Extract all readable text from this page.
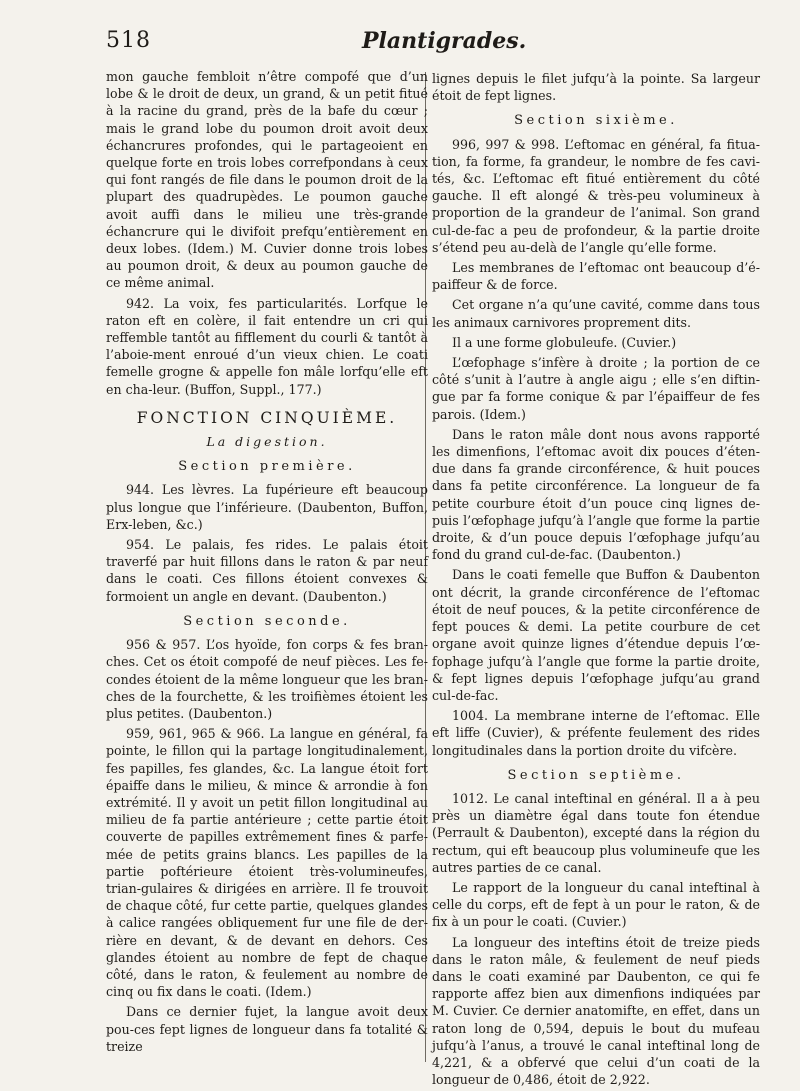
518	Plantigrades.

mon gauche fembloit n’être compofé que d’un lobe & le droit de deux, un grand, & un petit fitué à la racine du grand, près de la bafe du cœur ; mais le grand lobe du poumon droit avoit deux échancrures profondes, qui le partageoient en quelque forte en trois lobes correfpondans à ceux qui font rangés de file dans le poumon droit de la plupart des quadrupèdes. Le poumon gauche avoit auffi dans le milieu une très-grande échancrure qui le divifoit prefqu’entièrement en deux lobes. (Idem.) M. Cuvier donne trois lobes au poumon droit, & deux au poumon gauche de ce même animal.

942. La voix, fes particularités. Lorfque le raton eft en colère, il fait entendre un cri qui reffemble tantôt au fifflement du courli & tantôt à l’aboie-ment enroué d’un vieux chien. Le coati femelle grogne & appelle fon mâle lorfqu’elle eft en cha-leur. (Buffon, Suppl., 177.)

FONCTION CINQUIÈME.
La digestion.
Section première.

944. Les lèvres. La fupérieure eft beaucoup plus longue que l’inférieure. (Daubenton, Buffon, Erx-leben, &c.)

954. Le palais, fes rides. Le palais étoit traverfé par huit fillons dans le raton & par neuf dans le coati. Ces fillons étoient convexes & formoient un angle en devant. (Daubenton.)

Section seconde.

956 & 957. L’os hyoïde, fon corps & fes bran-ches. Cet os étoit compofé de neuf pièces. Les fe-condes étoient de la même longueur que les bran-ches de la fourchette, & les troifièmes étoient les plus petites. (Daubenton.)

959, 961, 965 & 966. La langue en général, fa pointe, le fillon qui la partage longitudinalement, fes papilles, fes glandes, &c. La langue étoit fort épaiffe dans le milieu, & mince & arrondie à fon extrémité. Il y avoit un petit fillon longitudinal au milieu de fa partie antérieure ; cette partie étoit couverte de papilles extrêmement fines & parfe-mée de petits grains blancs. Les papilles de la partie poftérieure étoient très-volumineufes, trian-gulaires & dirigées en arrière. Il fe trouvoit de chaque côté, fur cette partie, quelques glandes à calice rangées obliquement fur une file de der-rière en devant, & de devant en dehors. Ces glandes étoient au nombre de fept de chaque côté, dans le raton, & feulement au nombre de cinq ou fix dans le coati. (Idem.)

Dans ce dernier fujet, la langue avoit deux pou-ces fept lignes de longueur dans fa totalité & treize

lignes depuis le filet jufqu’à la pointe. Sa largeur étoit de fept lignes.

Section sixième.

996, 997 & 998. L’eftomac en général, fa fitua-tion, fa forme, fa grandeur, le nombre de fes cavi-tés, &c. L’eftomac eft fitué entièrement du côté gauche. Il eft alongé & très-peu volumineux à proportion de la grandeur de l’animal. Son grand cul-de-fac a peu de profondeur, & la partie droite s’étend peu au-delà de l’angle qu’elle forme.

Les membranes de l’eftomac ont beaucoup d’é-paiffeur & de force.

Cet organe n’a qu’une cavité, comme dans tous les animaux carnivores proprement dits.

Il a une forme globuleufe. (Cuvier.)

L’œfophage s’infère à droite ; la portion de ce côté s’unit à l’autre à angle aigu ; elle s’en diftin-gue par fa forme conique & par l’épaiffeur de fes parois. (Idem.)

Dans le raton mâle dont nous avons rapporté les dimenfions, l’eftomac avoit dix pouces d’éten-due dans fa grande circonférence, & huit pouces dans fa petite circonférence. La longueur de fa petite courbure étoit d’un pouce cinq lignes de-puis l’œfophage jufqu’à l’angle que forme la partie droite, & d’un pouce depuis l’œfophage jufqu’au fond du grand cul-de-fac. (Daubenton.)

Dans le coati femelle que Buffon & Daubenton ont décrit, la grande circonférence de l’eftomac étoit de neuf pouces, & la petite circonférence de fept pouces & demi. La petite courbure de cet organe avoit quinze lignes d’étendue depuis l’œ-fophage jufqu’à l’angle que forme la partie droite, & fept lignes depuis l’œfophage jufqu’au grand cul-de-fac.

1004. La membrane interne de l’eftomac. Elle eft liffe (Cuvier), & préfente feulement des rides longitudinales dans la portion droite du vifcère.

Section septième.

1012. Le canal inteftinal en général. Il a à peu près un diamètre égal dans toute fon étendue (Perrault & Daubenton), excepté dans la région du rectum, qui eft beaucoup plus volumineufe que les autres parties de ce canal.

Le rapport de la longueur du canal inteftinal à celle du corps, eft de fept à un pour le raton, & de fix à un pour le coati. (Cuvier.)

La longueur des inteftins étoit de treize pieds dans le raton mâle, & feulement de neuf pieds dans le coati examiné par Daubenton, ce qui fe rapporte affez bien aux dimenfions indiquées par M. Cuvier. Ce dernier anatomifte, en effet, dans un raton long de 0,594, depuis le bout du mufeau jufqu’à l’anus, a trouvé le canal inteftinal long de 4,221, & a obfervé que celui d’un coati de la longueur de 0,486, étoit de 2,922.
